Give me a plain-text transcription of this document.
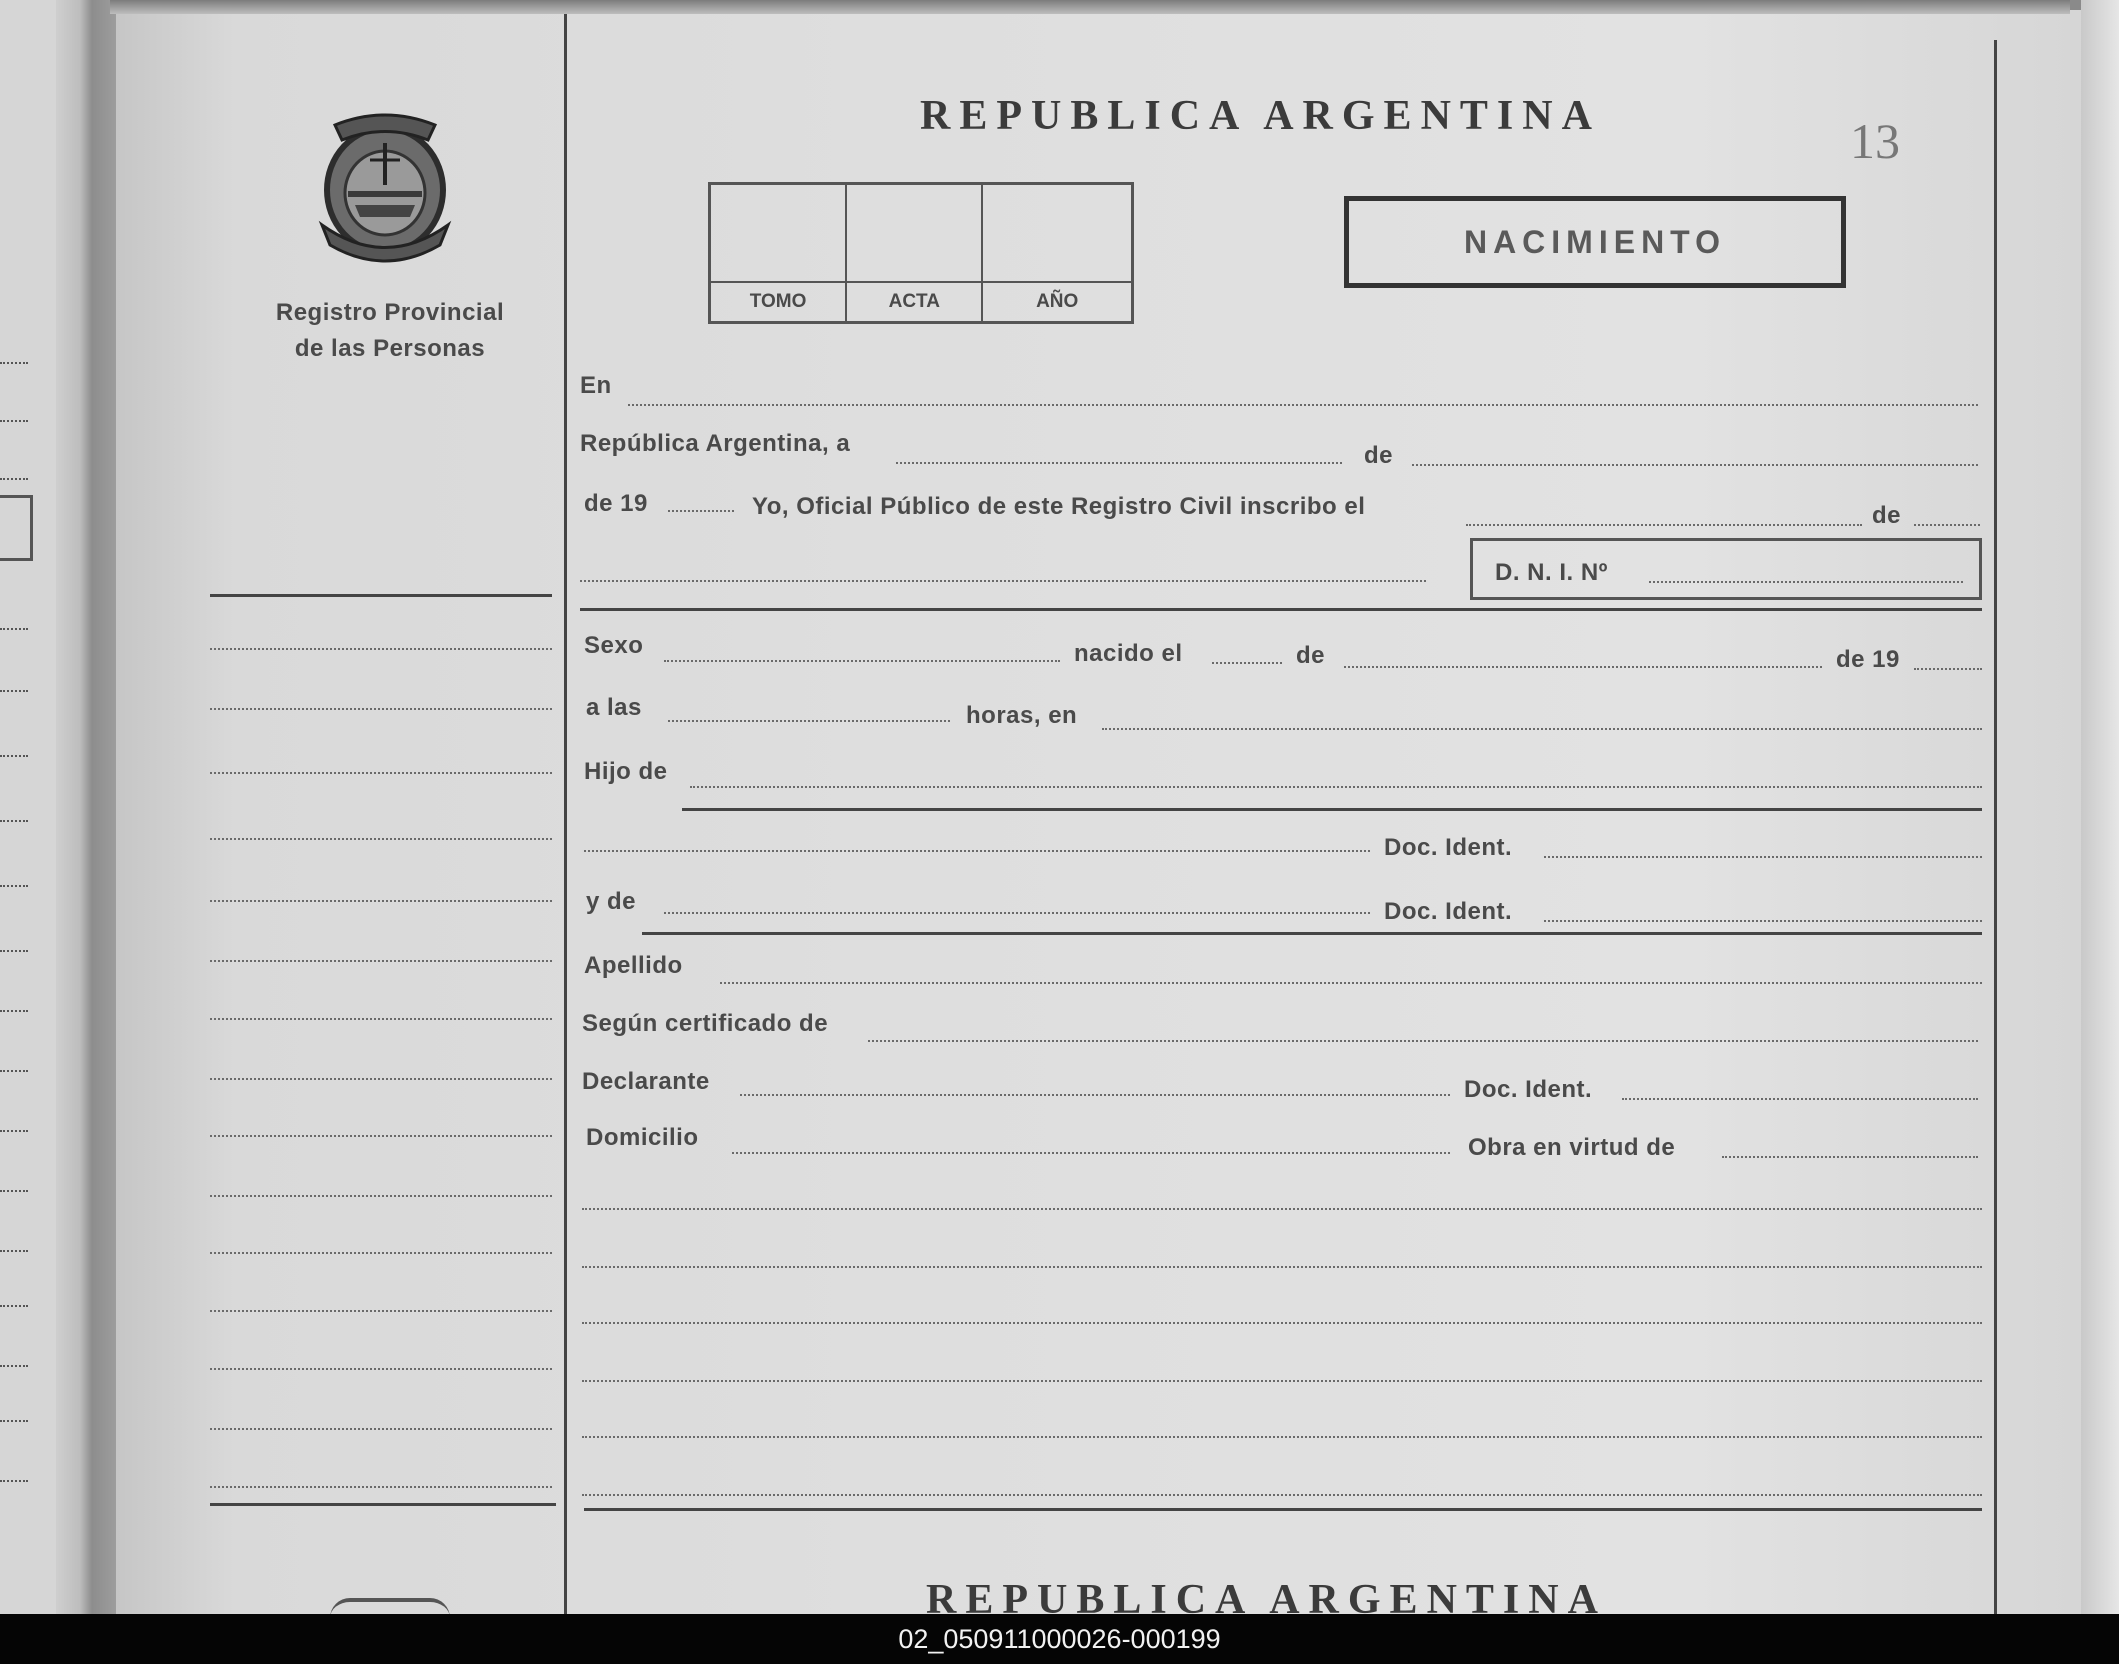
Registro Provincial
de las Personas
REPUBLICA ARGENTINA	13
TOMO	ACTA	AÑO
NACIMIENTO
En
República Argentina, a	de
de 19	Yo, Oficial Público de este Registro Civil inscribo el	de
D. N. I. Nº
Sexo	nacido el	de	de 19
a las	horas, en
Hijo de
Doc. Ident.
y de	Doc. Ident.
Apellido
Según certificado de
Declarante	Doc. Ident.
Domicilio	Obra en virtud de
REPUBLICA ARGENTINA
02_050911000026-000199
